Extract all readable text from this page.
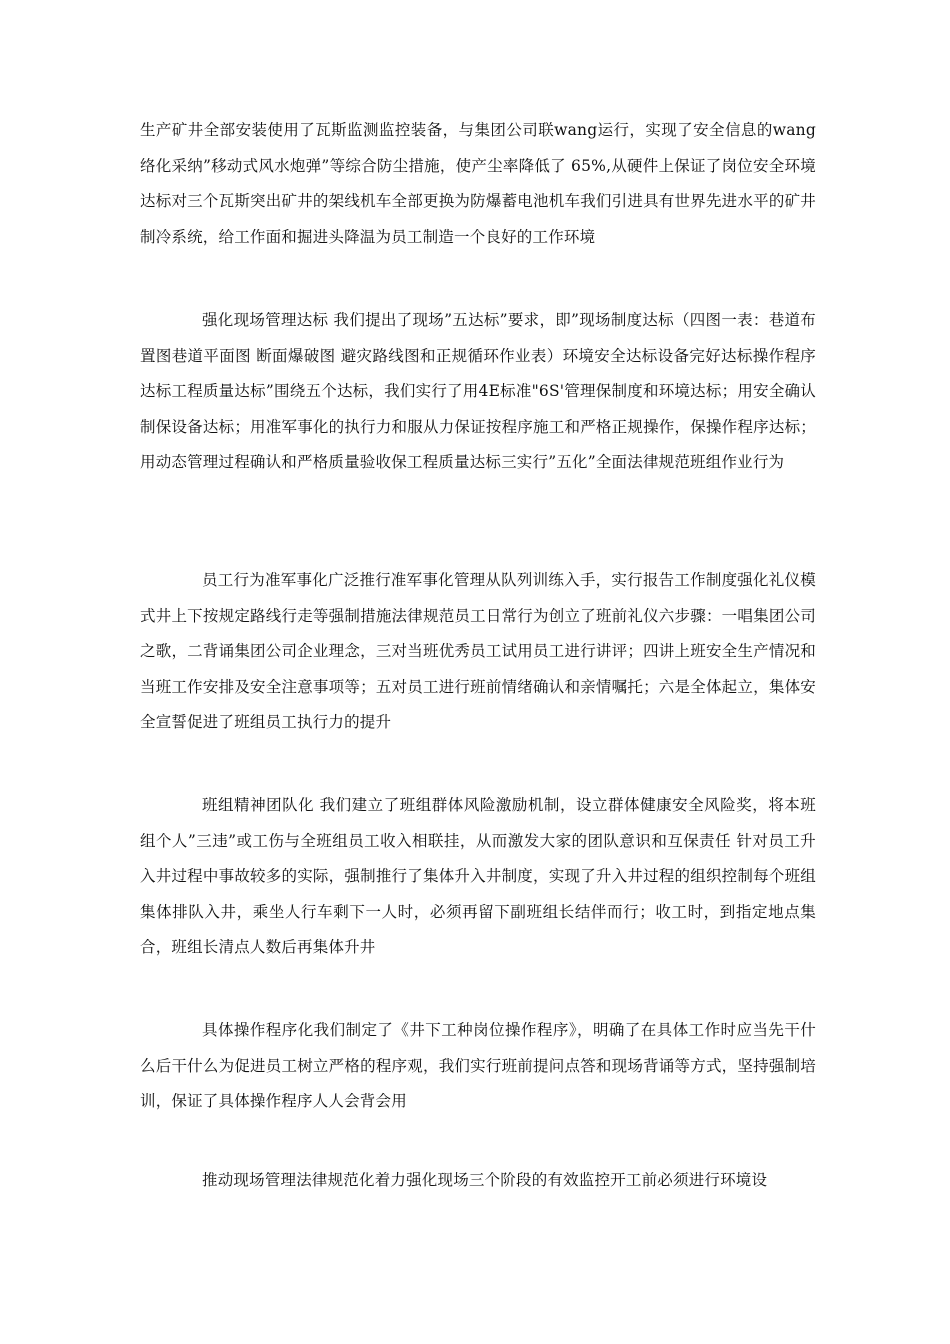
生产矿井全部安装使用了瓦斯监测监控装备，与集团公司联wang运行，实现了安全信息的wang络化采纳”移动式风水炮弹”等综合防尘措施，使产尘率降低了 65%,从硬件上保证了岗位安全环境达标对三个瓦斯突出矿井的架线机车全部更换为防爆蓄电池机车我们引进具有世界先进水平的矿井制冷系统，给工作面和掘进头降温为员工制造一个良好的工作环境

强化现场管理达标 我们提出了现场”五达标”要求，即”现场制度达标（四图一表：巷道布置图巷道平面图 断面爆破图 避灾路线图和正规循环作业表）环境安全达标设备完好达标操作程序达标工程质量达标”围绕五个达标，我们实行了用4E标准"6S'管理保制度和环境达标；用安全确认制保设备达标；用准军事化的执行力和服从力保证按程序施工和严格正规操作，保操作程序达标；用动态管理过程确认和严格质量验收保工程质量达标三实行”五化”全面法律规范班组作业行为

员工行为准军事化广泛推行准军事化管理从队列训练入手，实行报告工作制度强化礼仪模式井上下按规定路线行走等强制措施法律规范员工日常行为创立了班前礼仪六步骤：一唱集团公司之歌，二背诵集团公司企业理念，三对当班优秀员工试用员工进行讲评；四讲上班安全生产情况和当班工作安排及安全注意事项等；五对员工进行班前情绪确认和亲情嘱托；六是全体起立，集体安全宣誓促进了班组员工执行力的提升

班组精神团队化 我们建立了班组群体风险激励机制，设立群体健康安全风险奖，将本班组个人”三违”或工伤与全班组员工收入相联挂，从而激发大家的团队意识和互保责任 针对员工升入井过程中事故较多的实际，强制推行了集体升入井制度，实现了升入井过程的组织控制每个班组集体排队入井，乘坐人行车剩下一人时，必须再留下副班组长结伴而行；收工时，到指定地点集合，班组长清点人数后再集体升井

具体操作程序化我们制定了《井下工种岗位操作程序》，明确了在具体工作时应当先干什么后干什么为促进员工树立严格的程序观，我们实行班前提问点答和现场背诵等方式，坚持强制培训，保证了具体操作程序人人会背会用

推动现场管理法律规范化着力强化现场三个阶段的有效监控开工前必须进行环境设
